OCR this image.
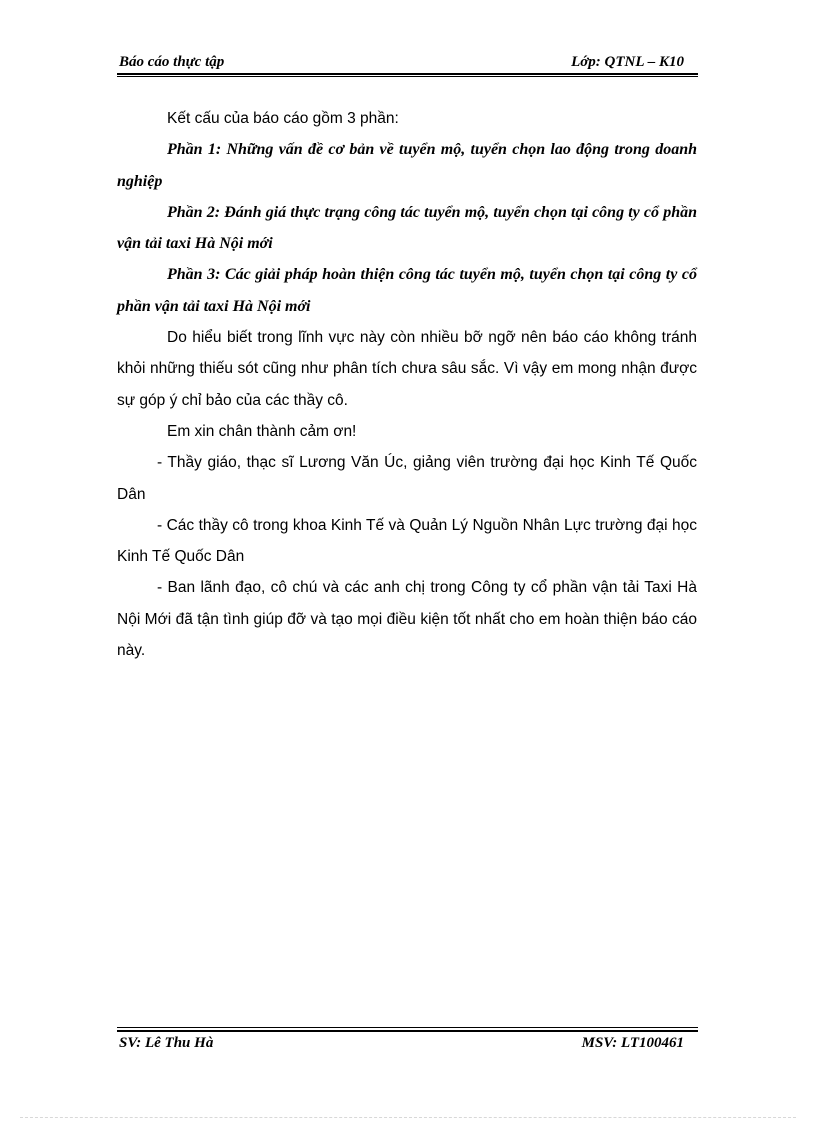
Báo cáo thực tập	Lớp: QTNL – K10

Kết cấu của báo cáo gồm 3 phần:

Phần 1: Những vấn đề cơ bản về tuyển mộ, tuyển chọn lao động trong doanh nghiệp

Phần 2: Đánh giá thực trạng công tác tuyển mộ, tuyển chọn tại công ty cổ phần vận tải taxi Hà Nội mới

Phần 3: Các giải pháp hoàn thiện công tác tuyển mộ, tuyển chọn tại công ty cổ phần vận tải taxi Hà Nội mới

Do hiểu biết trong lĩnh vực này còn nhiều bỡ ngỡ nên báo cáo không tránh khỏi những thiếu sót cũng như phân tích chưa sâu sắc. Vì vậy em mong nhận được sự góp ý chỉ bảo của các thầy cô.

Em xin chân thành cảm ơn!

- Thầy giáo, thạc sĩ Lương Văn Úc, giảng viên trường đại học Kinh Tế Quốc Dân

- Các thầy cô trong khoa Kinh Tế và Quản Lý Nguồn Nhân Lực trường đại học Kinh Tế Quốc Dân

- Ban lãnh đạo, cô chú và các anh chị trong Công ty cổ phần vận tải Taxi Hà Nội Mới đã tận tình giúp đỡ và tạo mọi điều kiện tốt nhất cho em hoàn thiện báo cáo này.

SV: Lê Thu Hà	MSV: LT100461
